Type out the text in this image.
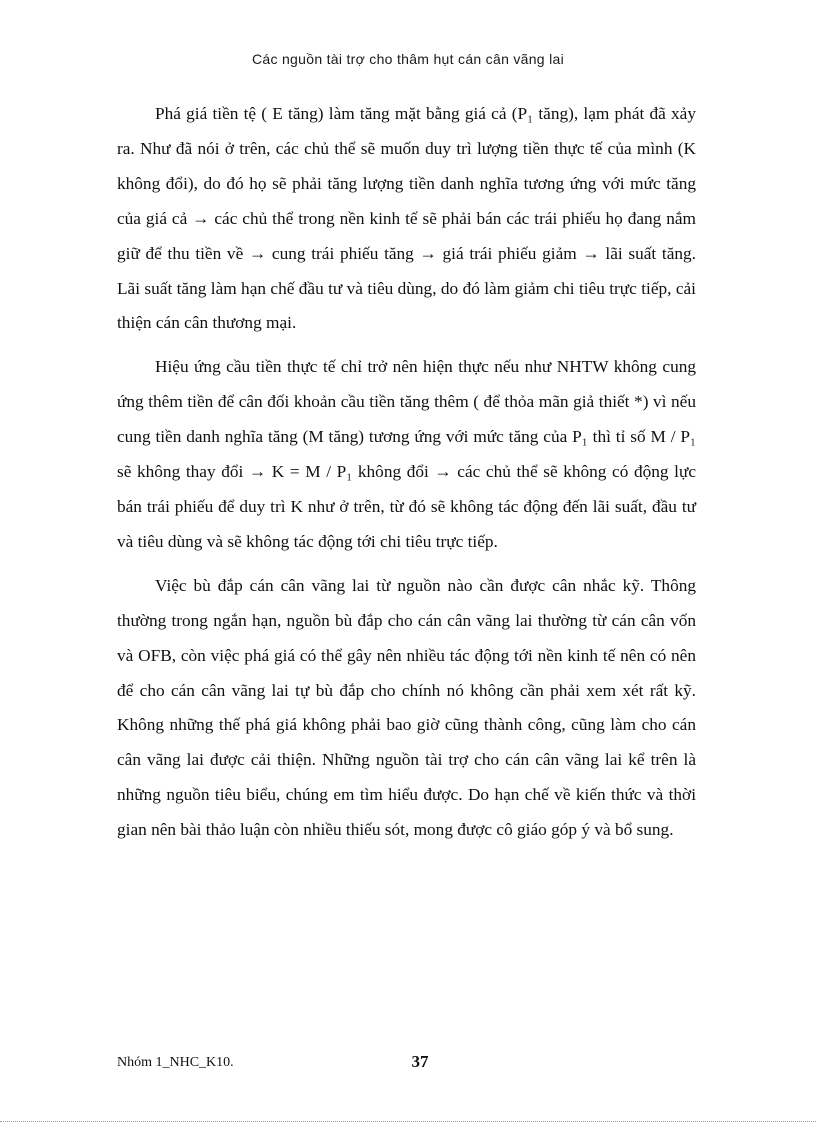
Các nguồn tài trợ cho thâm hụt cán cân vãng lai

Phá giá tiền tệ ( E tăng) làm tăng mặt bằng giá cả (P₁ tăng), lạm phát đã xảy ra. Như đã nói ở trên, các chủ thể sẽ muốn duy trì lượng tiền thực tế của mình (K không đổi), do đó họ sẽ phải tăng lượng tiền danh nghĩa tương ứng với mức tăng của giá cả → các chủ thể trong nền kinh tế sẽ phải bán các trái phiếu họ đang nắm giữ để thu tiền về → cung trái phiếu tăng → giá trái phiếu giảm → lãi suất tăng. Lãi suất tăng làm hạn chế đầu tư và tiêu dùng, do đó làm giảm chi tiêu trực tiếp, cải thiện cán cân thương mại.

Hiệu ứng cầu tiền thực tế chỉ trở nên hiện thực nếu như NHTW không cung ứng thêm tiền để cân đối khoản cầu tiền tăng thêm ( để thỏa mãn giả thiết *) vì nếu cung tiền danh nghĩa tăng (M tăng) tương ứng với mức tăng của P₁ thì tỉ số M / P₁ sẽ không thay đổi → K = M / P₁ không đổi → các chủ thể sẽ không có động lực bán trái phiếu để duy trì K như ở trên, từ đó sẽ không tác động đến lãi suất, đầu tư và tiêu dùng và sẽ không tác động tới chi tiêu trực tiếp.

Việc bù đắp cán cân vãng lai từ nguồn nào cần được cân nhắc kỹ. Thông thường trong ngắn hạn, nguồn bù đắp cho cán cân vãng lai thường từ cán cân vốn và OFB, còn việc phá giá có thể gây nên nhiều tác động tới nền kinh tế nên có nên để cho cán cân vãng lai tự bù đắp cho chính nó không cần phải xem xét rất kỹ. Không những thế phá giá không phải bao giờ cũng thành công, cũng làm cho cán cân vãng lai được cải thiện. Những nguồn tài trợ cho cán cân vãng lai kể trên là những nguồn tiêu biểu, chúng em tìm hiểu được. Do hạn chế về kiến thức và thời gian nên bài thảo luận còn nhiều thiếu sót, mong được cô giáo góp ý và bổ sung.

Nhóm 1_NHC_K10.	37
